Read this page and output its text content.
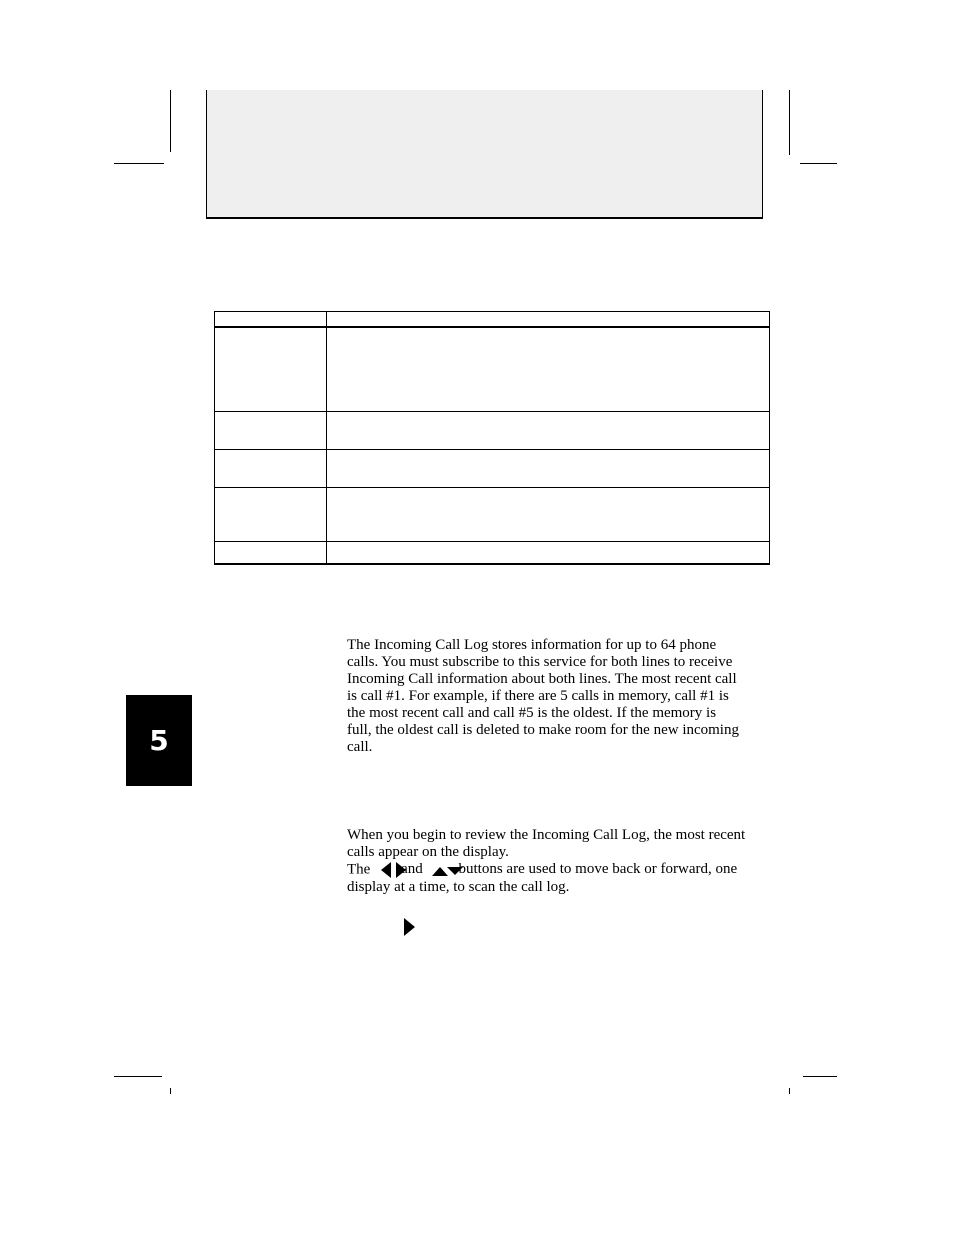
5
The Incoming Call Log stores information for up to 64 phone
calls. You must subscribe to this service for both lines to receive
Incoming Call information about both lines. The most recent call
is call #1. For example, if there are 5 calls in memory, call #1 is
the most recent call and call #5 is the oldest. If the memory is
full, the oldest call is deleted to make room for the new incoming
call.
When you begin to review the Incoming Call Log, the most recent
calls appear on the display.
The and buttons are used to move back or forward, one
display at a time, to scan the call log.
